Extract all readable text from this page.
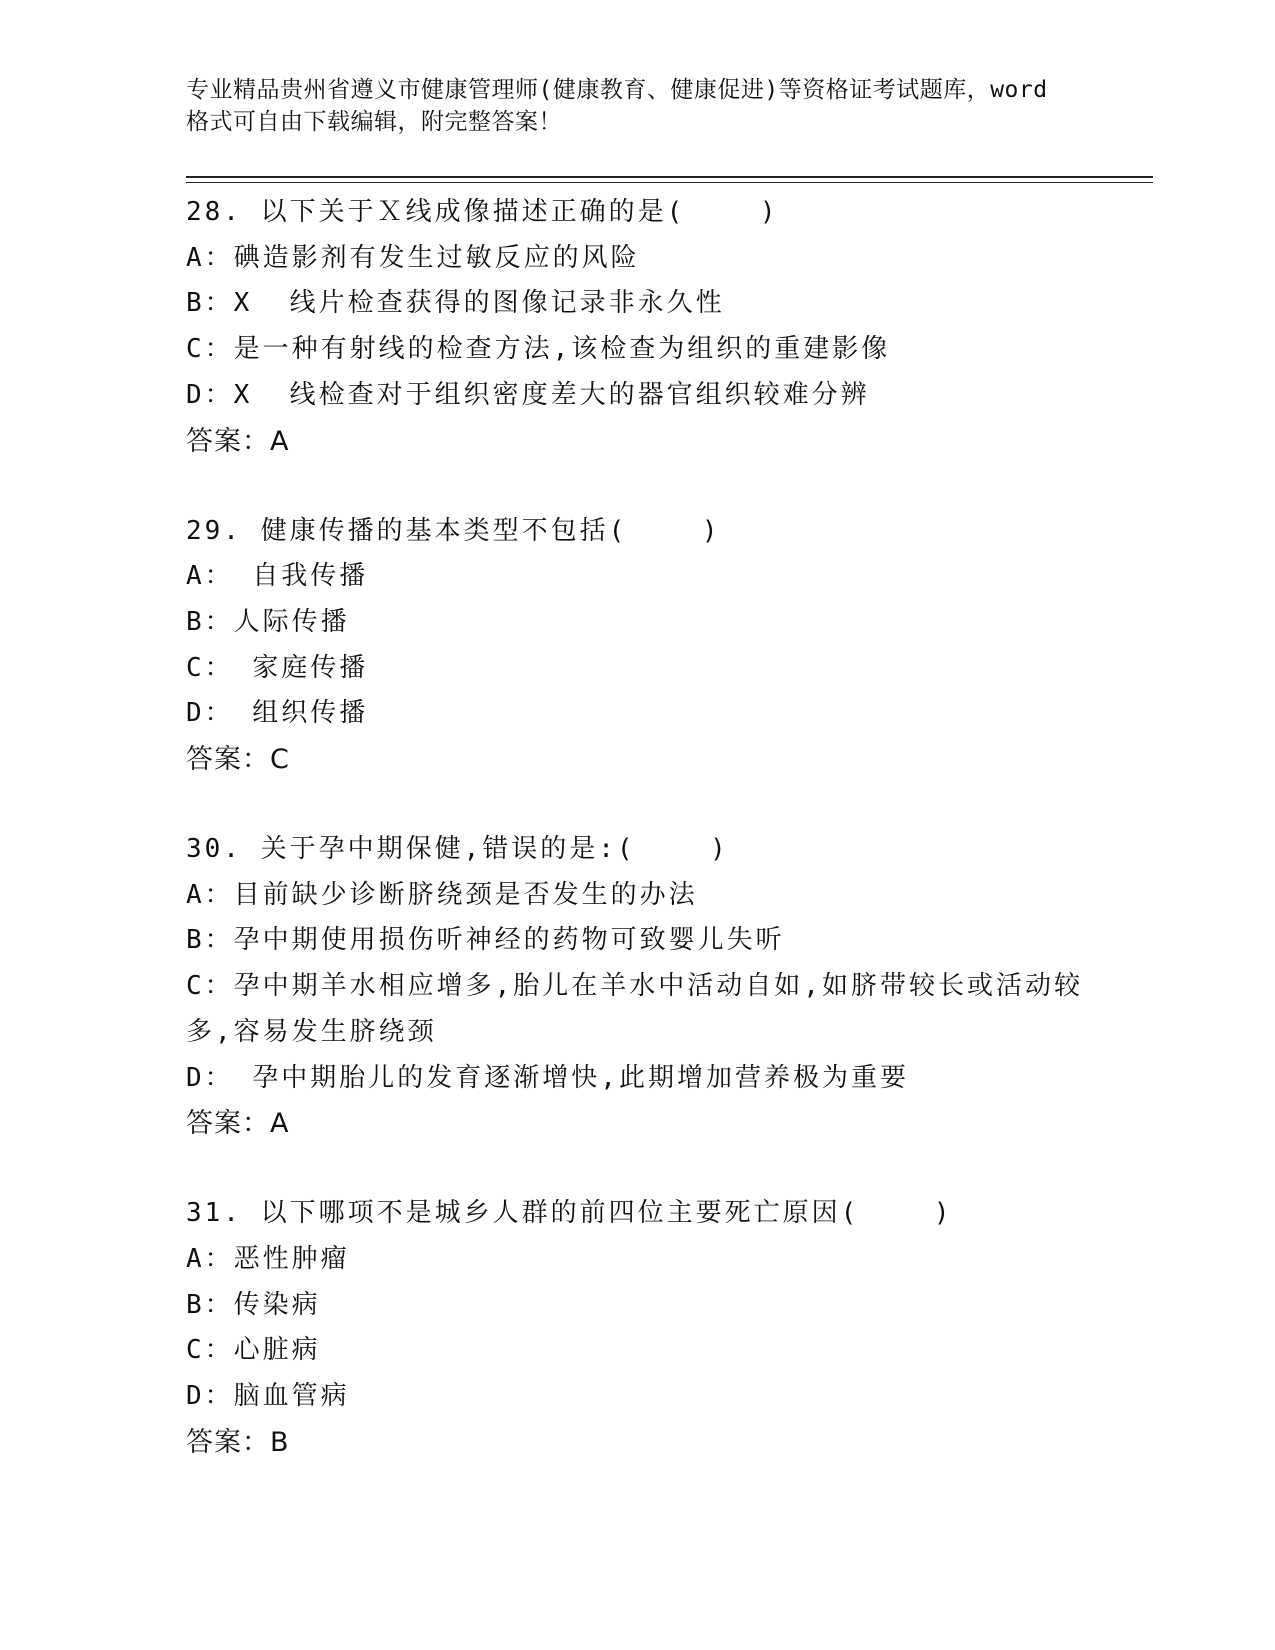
专业精品贵州省遵义市健康管理师(健康教育、健康促进)等资格证考试题库，word
格式可自由下载编辑，附完整答案！
28. 以下关于Ｘ线成像描述正确的是(    )
A：碘造影剂有发生过敏反应的风险
B：X  线片检查获得的图像记录非永久性
C：是一种有射线的检查方法,该检查为组织的重建影像
D：X  线检查对于组织密度差大的器官组织较难分辨
答案：A
29. 健康传播的基本类型不包括(    )
A： 自我传播
B：人际传播
C： 家庭传播
D： 组织传播
答案：C
30. 关于孕中期保健,错误的是:(    )
A：目前缺少诊断脐绕颈是否发生的办法
B：孕中期使用损伤听神经的药物可致婴儿失听
C：孕中期羊水相应增多,胎儿在羊水中活动自如,如脐带较长或活动较多,容易发生脐绕颈
D： 孕中期胎儿的发育逐渐增快,此期增加营养极为重要
答案：A
31. 以下哪项不是城乡人群的前四位主要死亡原因(    )
A：恶性肿瘤
B：传染病
C：心脏病
D：脑血管病
答案：B
